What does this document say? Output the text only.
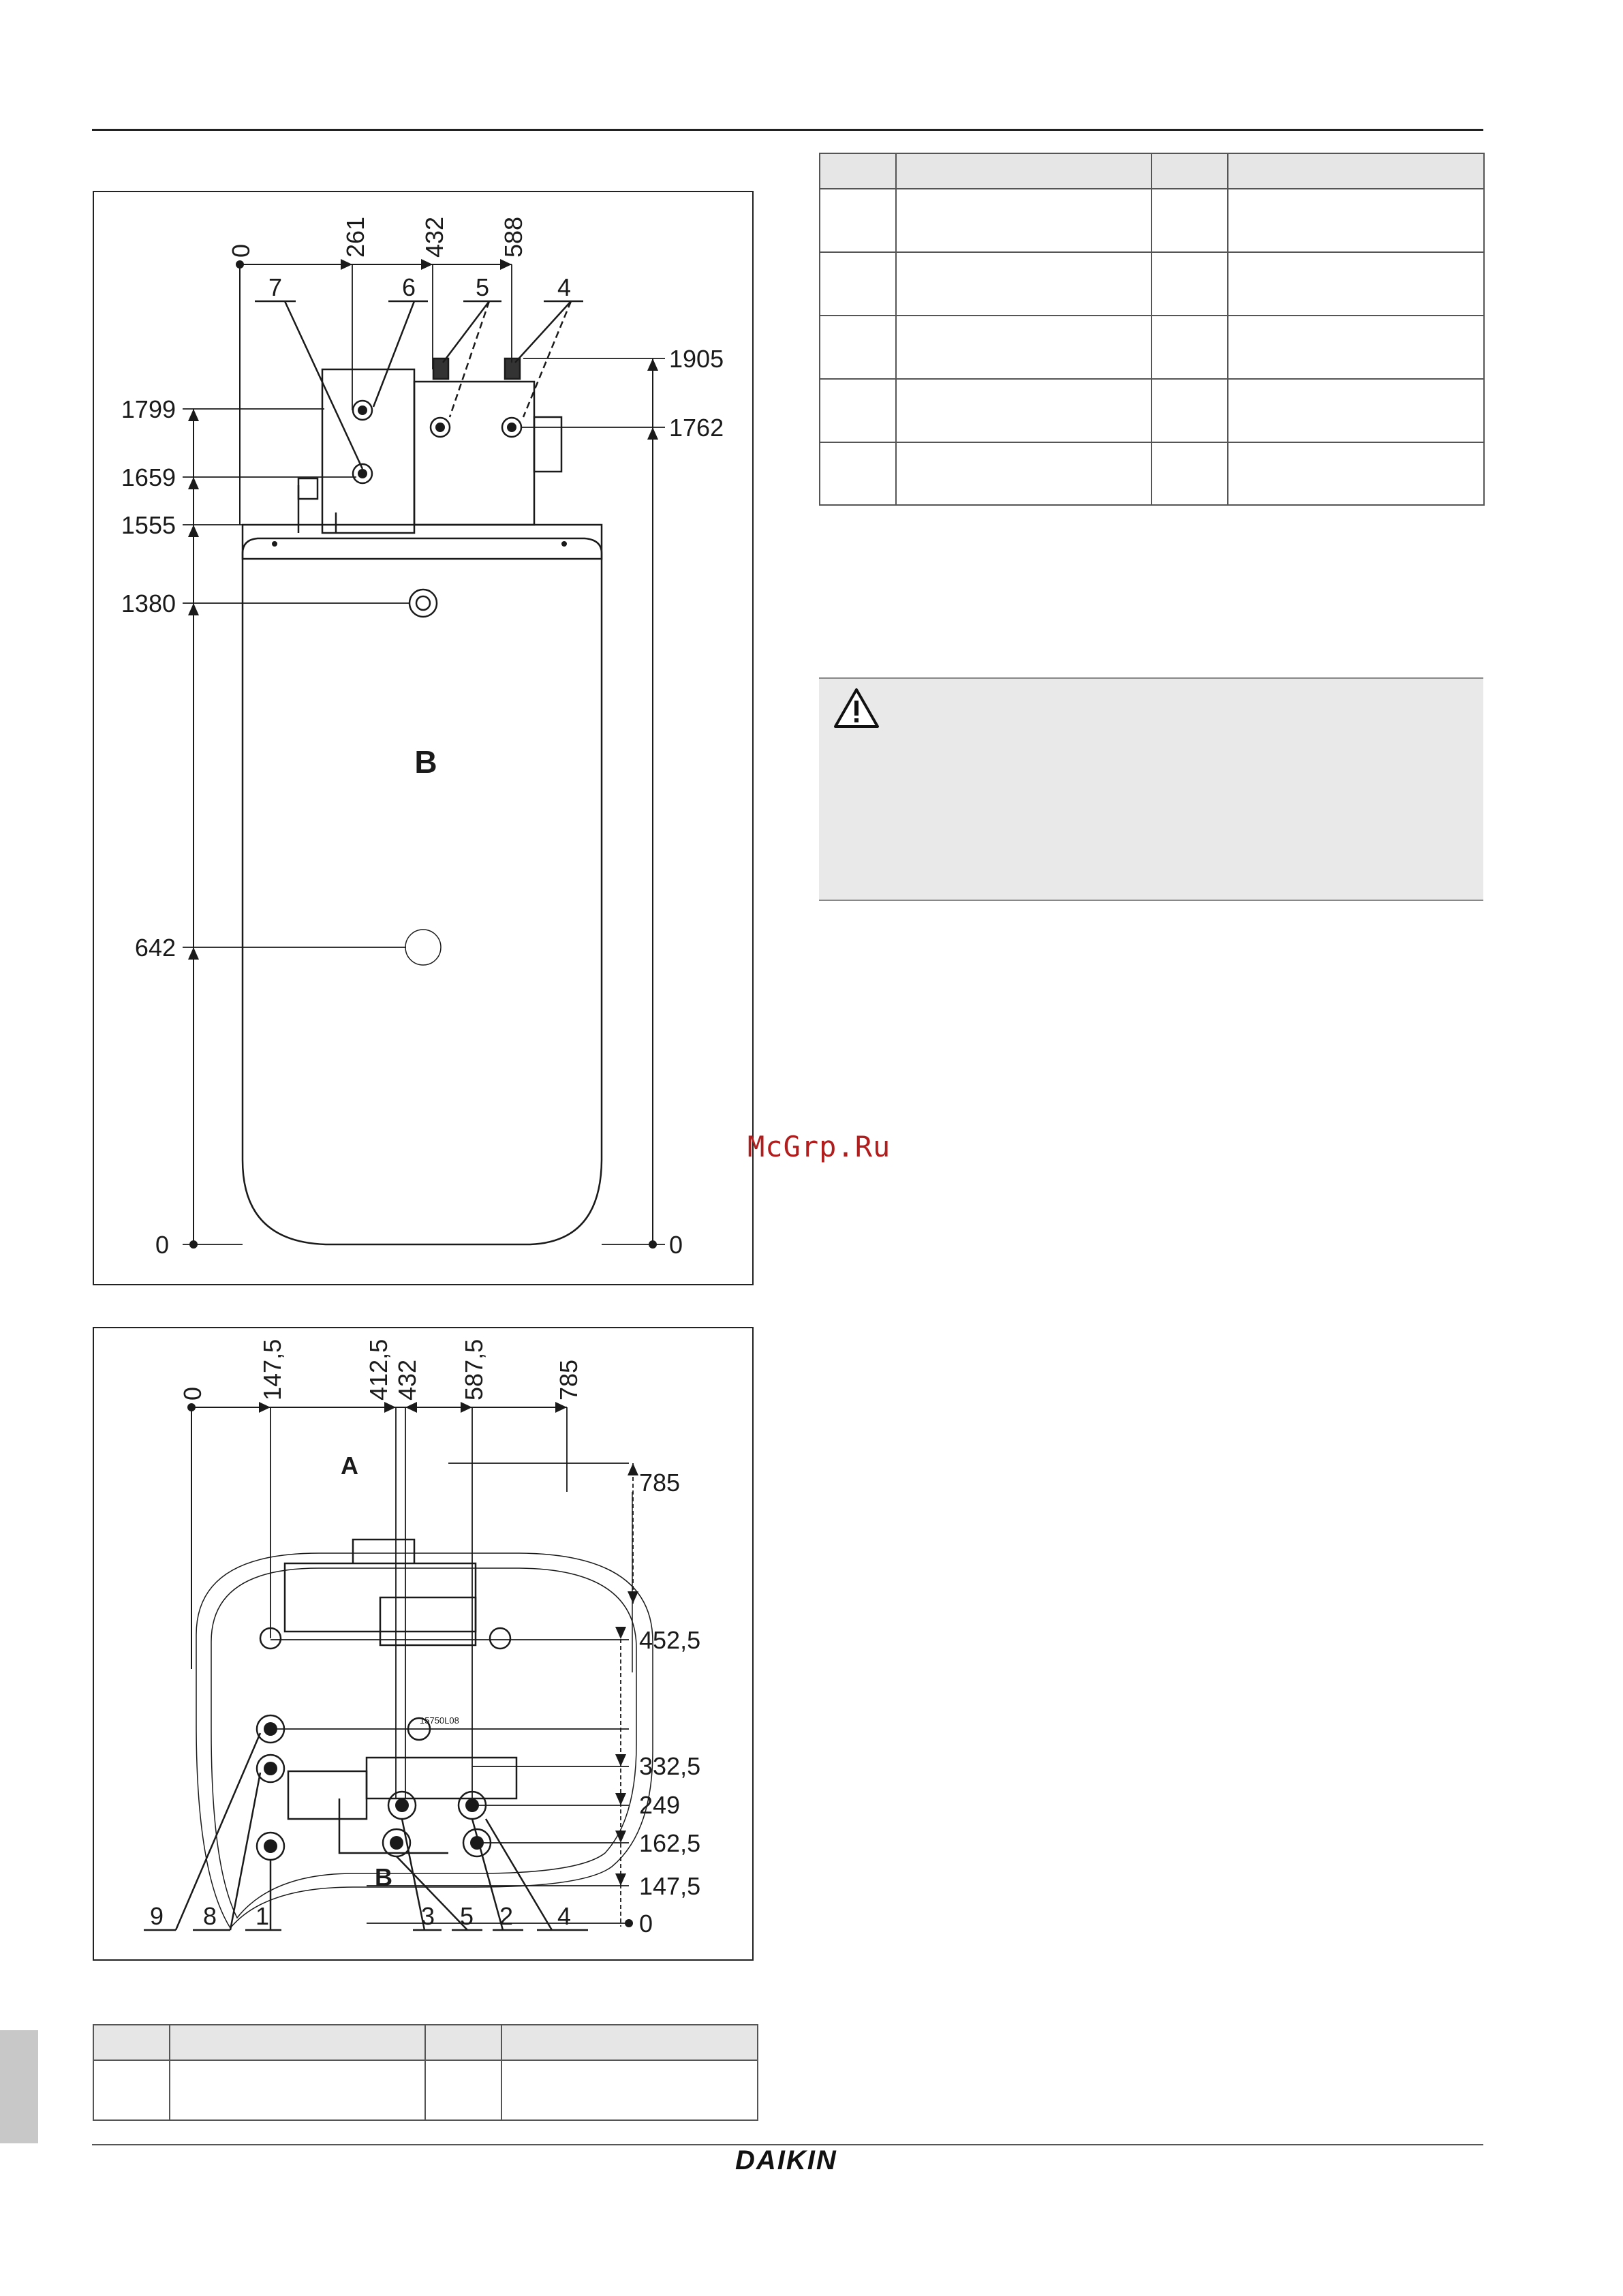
0	261 432 588
1799
1659
1555
1380
642
0
1905
1762
0
7	6 5	4
B
0 147,5	412,5 432 587,5	785
785
452,5
332,5
249
162,5
147,5
0
A
B
15750L08
9 8 1	3 5 2 4

McGrp.Ru

DAIKIN
